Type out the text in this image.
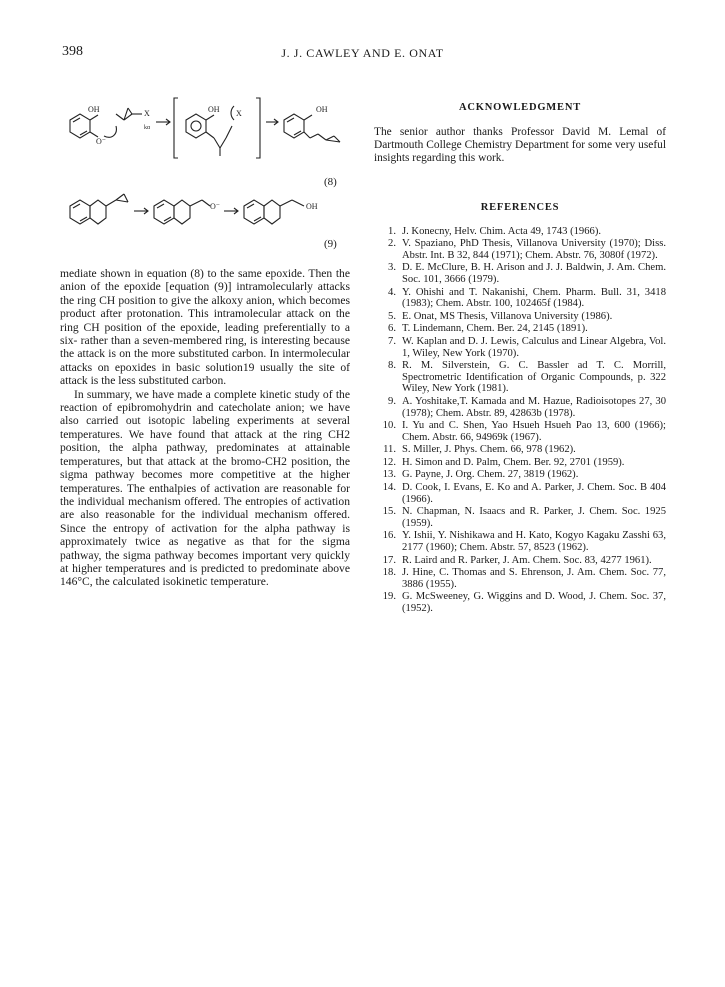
398	J. J. CAWLEY AND E. ONAT
OH
O⁻
X
kα
OH X	OH
O⁻	OH
(8)
(9)

mediate shown in equation (8) to the same epoxide. Then the anion of the epoxide [equation (9)] intramolecularly attacks the ring CH position to give the alkoxy anion, which becomes product after protonation. This intramolecular attack on the ring CH position of the epoxide, leading preferentially to a six- rather than a seven-membered ring, is interesting because the attack is on the more substituted carbon. In intermolecular attacks on epoxides in basic solution19 usually the site of attack is the less substituted carbon.

In summary, we have made a complete kinetic study of the reaction of epibromohydrin and catecholate anion; we have also carried out isotopic labeling experiments at several temperatures. We have found that attack at the ring CH2 position, the alpha pathway, predominates at attainable temperatures, but that attack at the bromo-CH2 position, the sigma pathway becomes more competitive at the higher temperatures. The enthalpies of activation are reasonable for the individual mechanism offered. The entropies of activation are also reasonable for the individual mechanism offered. Since the entropy of activation for the alpha pathway is approximately twice as negative as that for the sigma pathway, the sigma pathway becomes important very quickly at higher temperatures and is predicted to predominate above 146°C, the calculated isokinetic temperature.

ACKNOWLEDGMENT

The senior author thanks Professor David M. Lemal of Dartmouth College Chemistry Department for some very useful insights regarding this work.

REFERENCES
1. J. Konecny, Helv. Chim. Acta 49, 1743 (1966).
2. V. Spaziano, PhD Thesis, Villanova University (1970); Diss. Abstr. Int. B 32, 844 (1971); Chem. Abstr. 76, 3080f (1972).
3. D. E. McClure, B. H. Arison and J. J. Baldwin, J. Am. Chem. Soc. 101, 3666 (1979).
4. Y. Ohishi and T. Nakanishi, Chem. Pharm. Bull. 31, 3418 (1983); Chem. Abstr. 100, 102465f (1984).
5. E. Onat, MS Thesis, Villanova University (1986).
6. T. Lindemann, Chem. Ber. 24, 2145 (1891).
7. W. Kaplan and D. J. Lewis, Calculus and Linear Algebra, Vol. 1, Wiley, New York (1970).
8. R. M. Silverstein, G. C. Bassler ad T. C. Morrill, Spectrometric Identification of Organic Compounds, p. 322 Wiley, New York (1981).
9. A. Yoshitake,T. Kamada and M. Hazue, Radioisotopes 27, 30 (1978); Chem. Abstr. 89, 42863b (1978).
10. I. Yu and C. Shen, Yao Hsueh Hsueh Pao 13, 600 (1966); Chem. Abstr. 66, 94969k (1967).
11. S. Miller, J. Phys. Chem. 66, 978 (1962).
12. H. Simon and D. Palm, Chem. Ber. 92, 2701 (1959).
13. G. Payne, J. Org. Chem. 27, 3819 (1962).
14. D. Cook, I. Evans, E. Ko and A. Parker, J. Chem. Soc. B 404 (1966).
15. N. Chapman, N. Isaacs and R. Parker, J. Chem. Soc. 1925 (1959).
16. Y. Ishii, Y. Nishikawa and H. Kato, Kogyo Kagaku Zasshi 63, 2177 (1960); Chem. Abstr. 57, 8523 (1962).
17. R. Laird and R. Parker, J. Am. Chem. Soc. 83, 4277 1961).
18. J. Hine, C. Thomas and S. Ehrenson, J. Am. Chem. Soc. 77, 3886 (1955).
19. G. McSweeney, G. Wiggins and D. Wood, J. Chem. Soc. 37, (1952).
